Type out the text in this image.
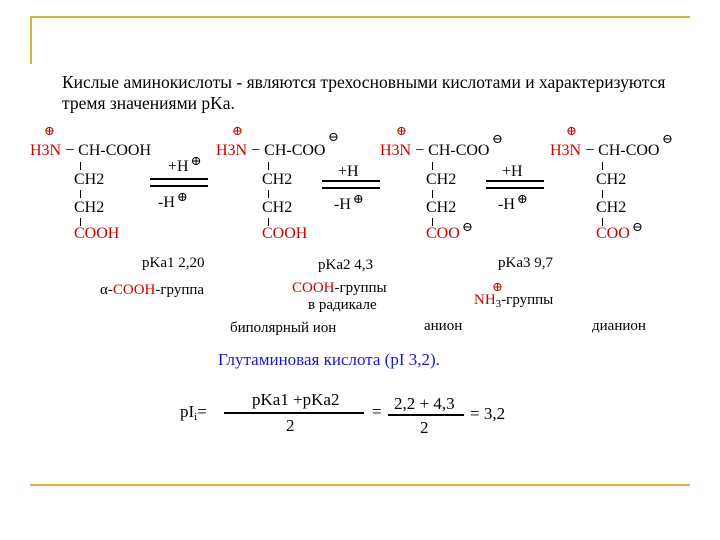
Кислые аминокислоты - являются трехосновными кислотами и характеризуются тремя значениями pKa.
⊕
H3N − CH-COOH
CH2
CH2
COOH
+H ⊕
-H ⊕
⊕	⊖
H3N − CH-COO
CH2
CH2
COOH
+H
-H ⊕
⊕
⊖
H3N − CH-COO
CH2
CH2
COO ⊖
+H
-H ⊕
⊕
⊖
H3N − CH-COO
CH2
CH2
COO ⊖
pKa1 2,20	pKa2 4,3	pKa3 9,7
α-COOH-группа	COOH-группы
в радикале
⊕
$NH_3$-группы
биполярный ион	анион	дианион
Глутаминовая кислота (pI 3,2).
$pI_i=$
pKa1 +pKa2
2
= 2,2 + 4,3
2
= 3,2
